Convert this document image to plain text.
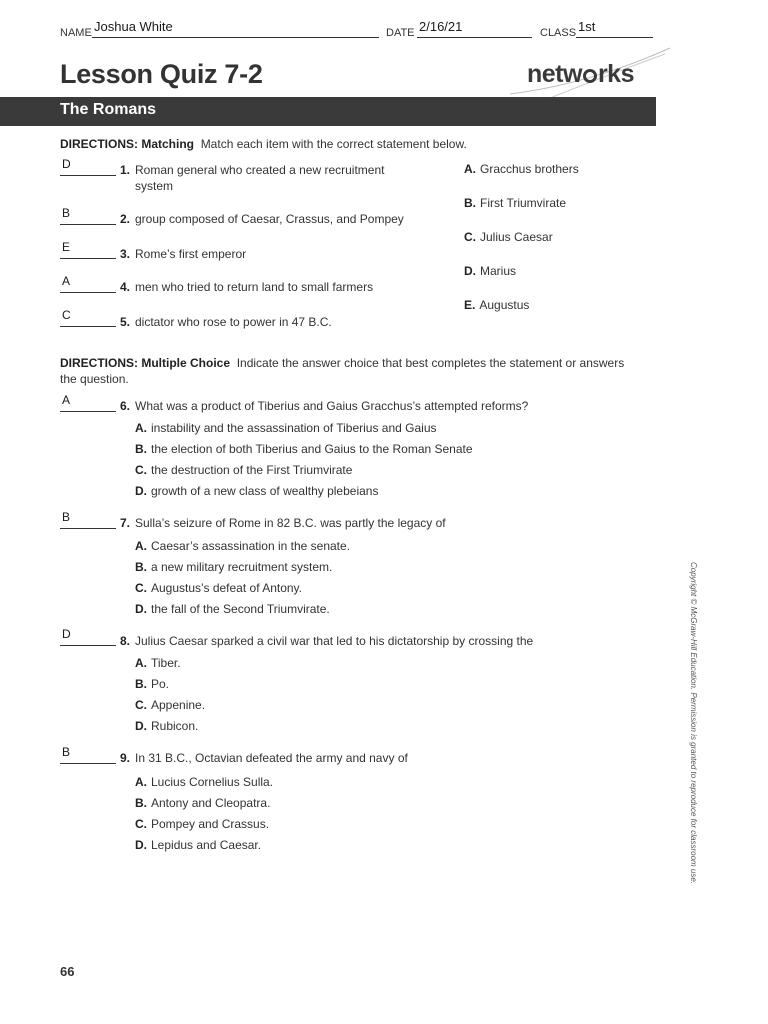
NAME Joshua White	DATE 2/16/21	CLASS 1st
Lesson Quiz 7-2	netw rks
The Romans
DIRECTIONS: Matching Match each item with the correct statement below.
D	1. Roman general who created a new recruitment
system
B	2. group composed of Caesar, Crassus, and Pompey
E	3. Rome’s first emperor
A	4. men who tried to return land to small farmers
C	5. dictator who rose to power in 47 B.C.
A. Gracchus brothers
B. First Triumvirate
C. Julius Caesar
D. Marius
E. Augustus
DIRECTIONS: Multiple Choice Indicate the answer choice that best completes the statement or answers
the question.
A	6. What was a product of Tiberius and Gaius Gracchus’s attempted reforms?
A. instability and the assassination of Tiberius and Gaius
B. the election of both Tiberius and Gaius to the Roman Senate
C. the destruction of the First Triumvirate
D. growth of a new class of wealthy plebeians
B	7. Sulla’s seizure of Rome in 82 B.C. was partly the legacy of
A. Caesar’s assassination in the senate.
B. a new military recruitment system.
C. Augustus’s defeat of Antony.
D. the fall of the Second Triumvirate.
D	8. Julius Caesar sparked a civil war that led to his dictatorship by crossing the
A. Tiber.
B. Po.
C. Appenine.
D. Rubicon.
B	9. In 31 B.C., Octavian defeated the army and navy of
A. Lucius Cornelius Sulla.
B. Antony and Cleopatra.
C. Pompey and Crassus.
D. Lepidus and Caesar.	Copyright © McGraw-Hill Education. Permission is granted to reproduce for classroom use.
66
